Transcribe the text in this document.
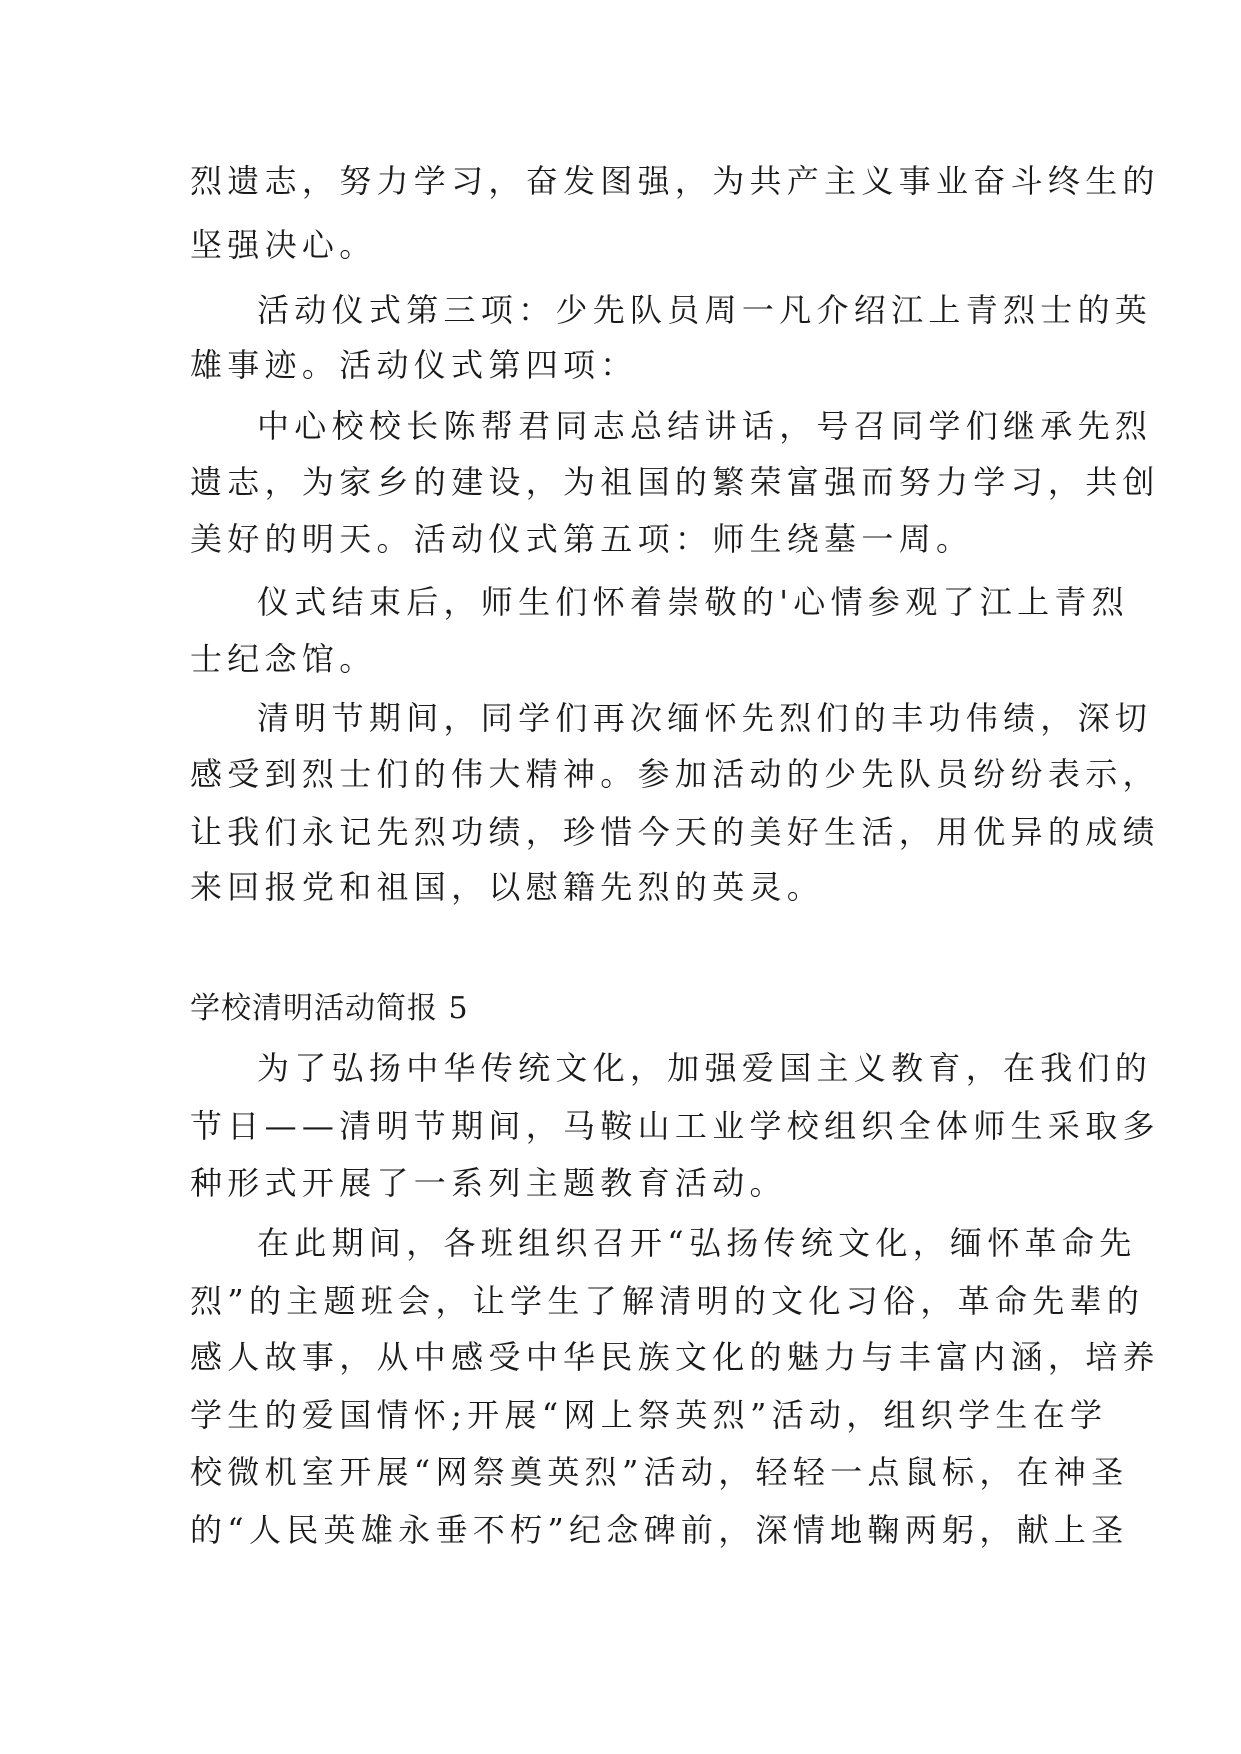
烈遗志，努力学习，奋发图强，为共产主义事业奋斗终生的

坚强决心。

活动仪式第三项：少先队员周一凡介绍江上青烈士的英

雄事迹。活动仪式第四项：

中心校校长陈帮君同志总结讲话，号召同学们继承先烈

遗志，为家乡的建设，为祖国的繁荣富强而努力学习，共创

美好的明天。活动仪式第五项：师生绕墓一周。

仪式结束后，师生们怀着崇敬的'心情参观了江上青烈

士纪念馆。

清明节期间，同学们再次缅怀先烈们的丰功伟绩，深切

感受到烈士们的伟大精神。参加活动的少先队员纷纷表示，

让我们永记先烈功绩，珍惜今天的美好生活，用优异的成绩

来回报党和祖国，以慰籍先烈的英灵。

学校清明活动简报 5

为了弘扬中华传统文化，加强爱国主义教育，在我们的

节日——清明节期间，马鞍山工业学校组织全体师生采取多

种形式开展了一系列主题教育活动。

在此期间，各班组织召开“弘扬传统文化，缅怀革命先

烈”的主题班会，让学生了解清明的文化习俗，革命先辈的

感人故事，从中感受中华民族文化的魅力与丰富内涵，培养

学生的爱国情怀;开展“网上祭英烈”活动，组织学生在学

校微机室开展“网祭奠英烈”活动，轻轻一点鼠标，在神圣

的“人民英雄永垂不朽”纪念碑前，深情地鞠两躬，献上圣
